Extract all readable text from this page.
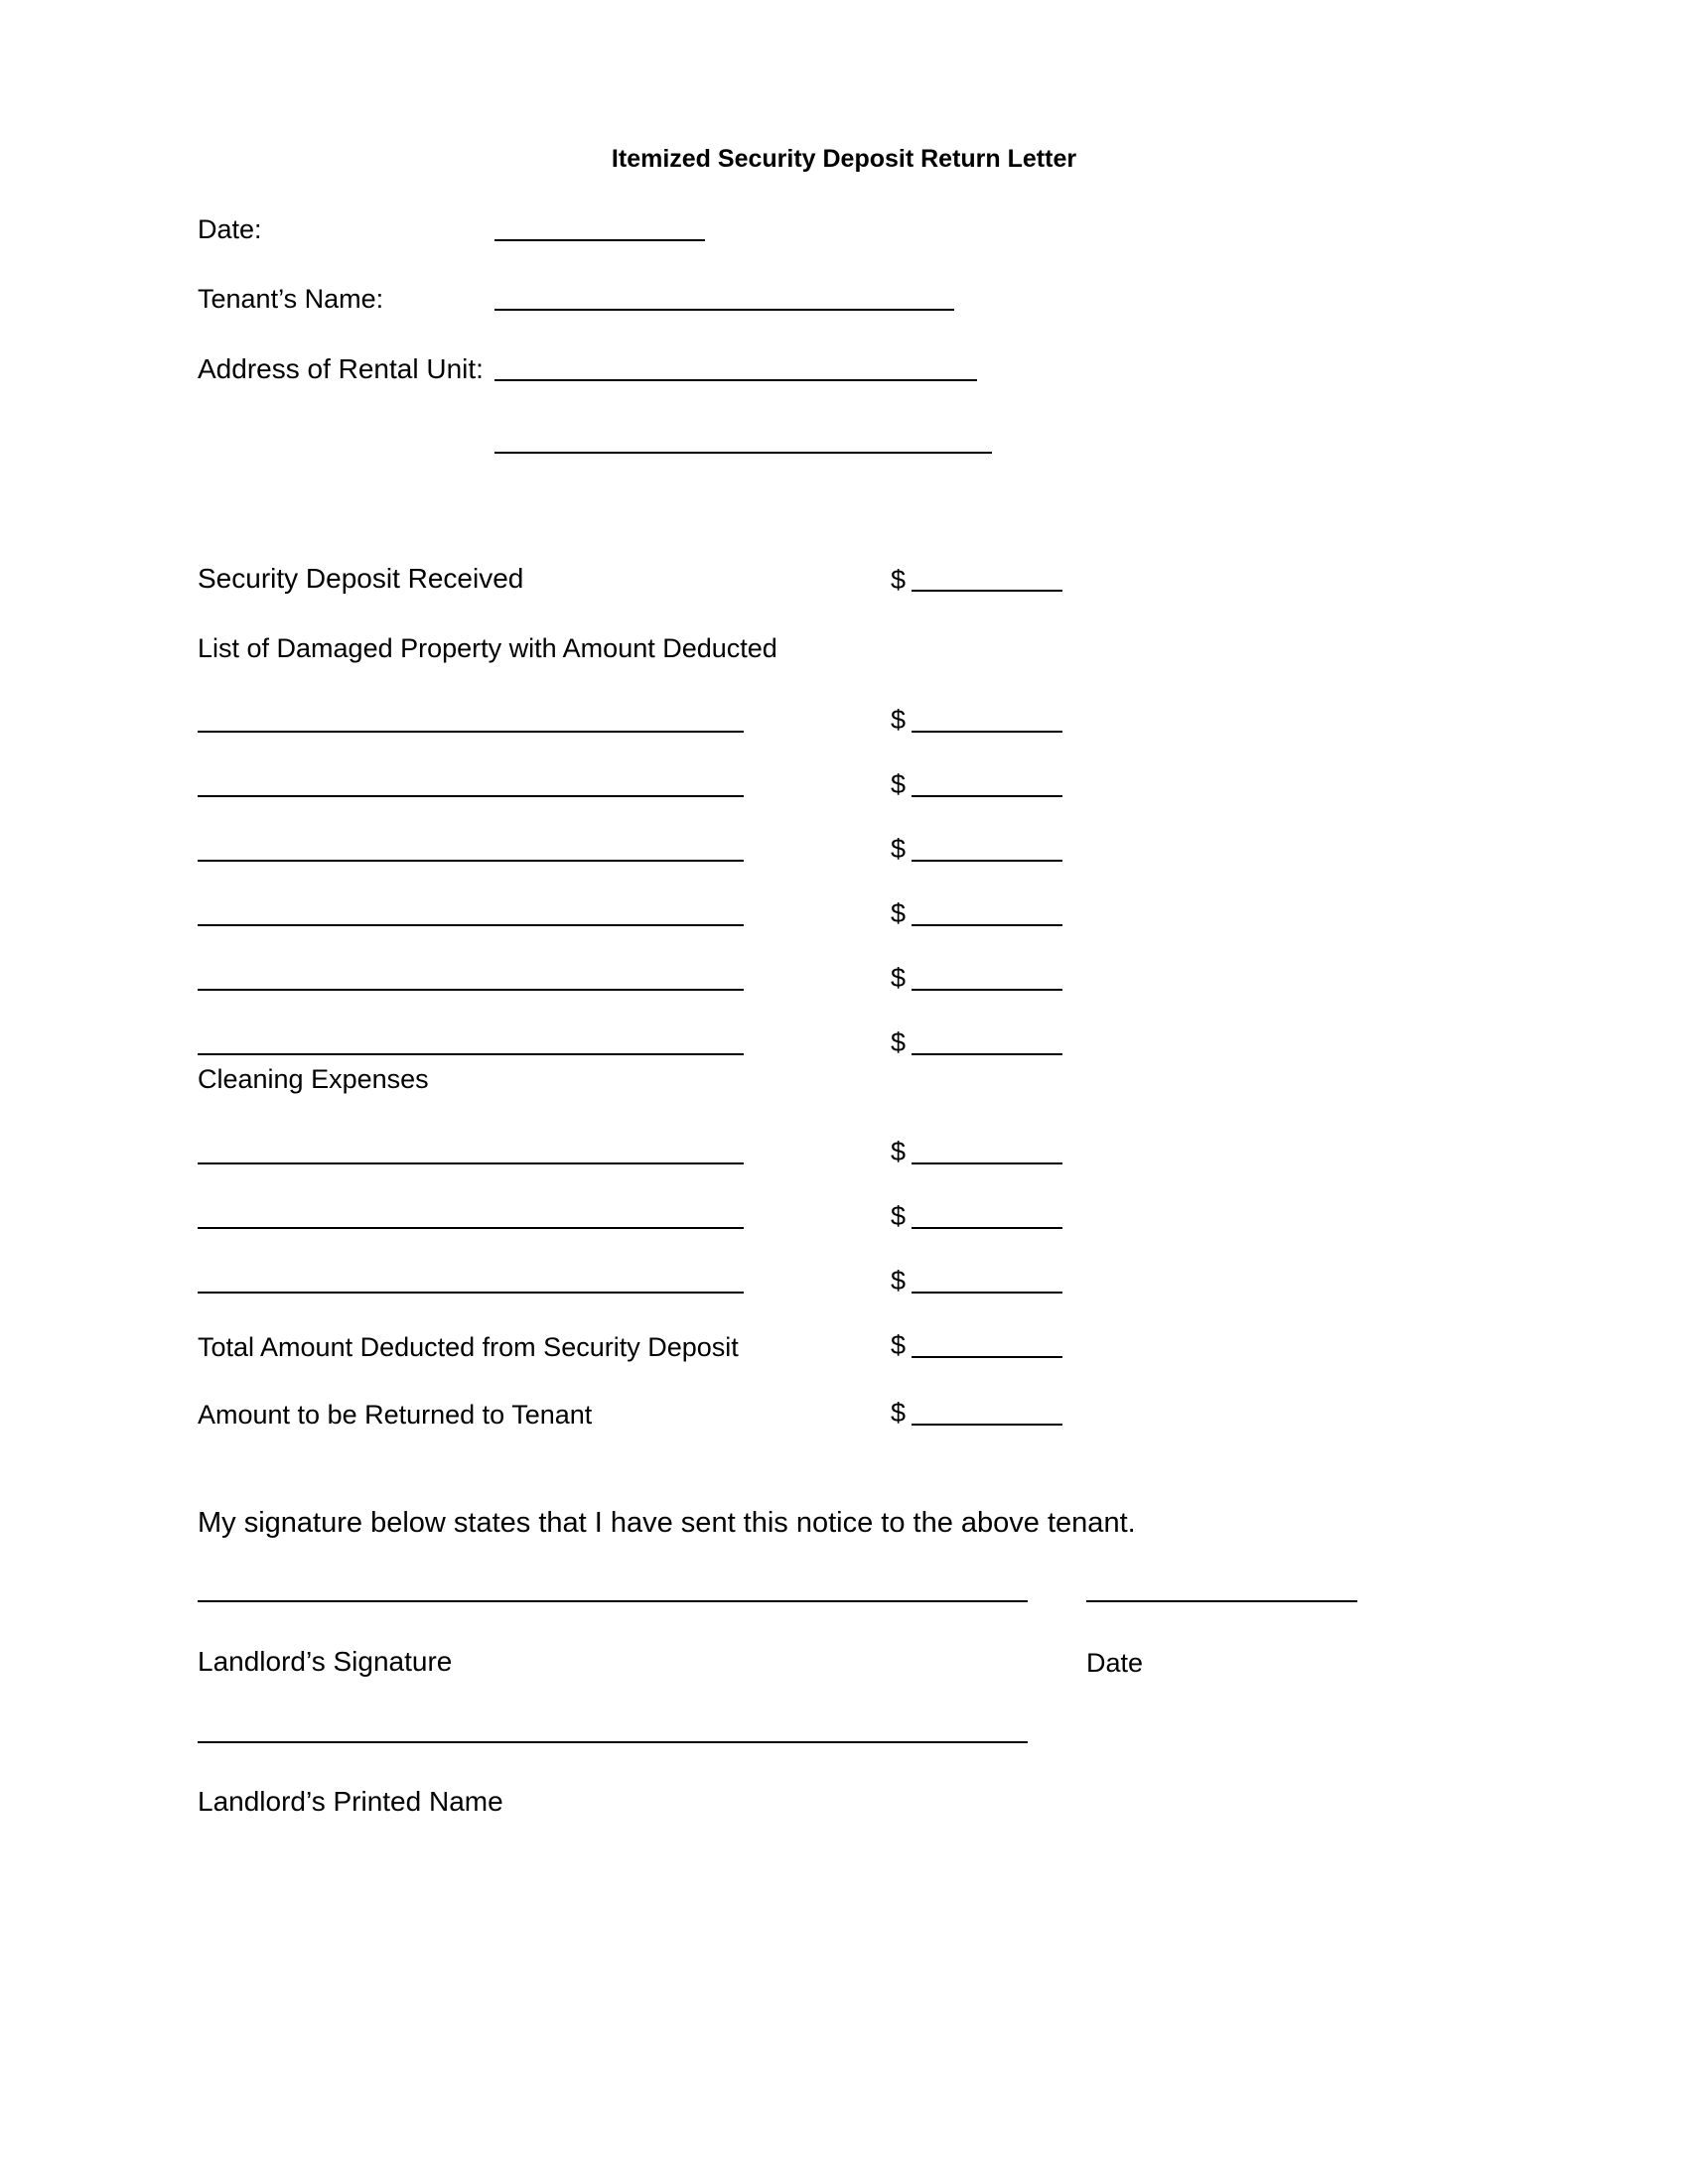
Itemized Security Deposit Return Letter
Date:
Tenant’s Name:
Address of Rental Unit:
Security Deposit Received	$
List of Damaged Property with Amount Deducted
$
$
$
$
$
$
Cleaning Expenses
$
$
$
Total Amount Deducted from Security Deposit	$
Amount to be Returned to Tenant	$
My signature below states that I have sent this notice to the above tenant.
Landlord’s Signature	Date
Landlord’s Printed Name
